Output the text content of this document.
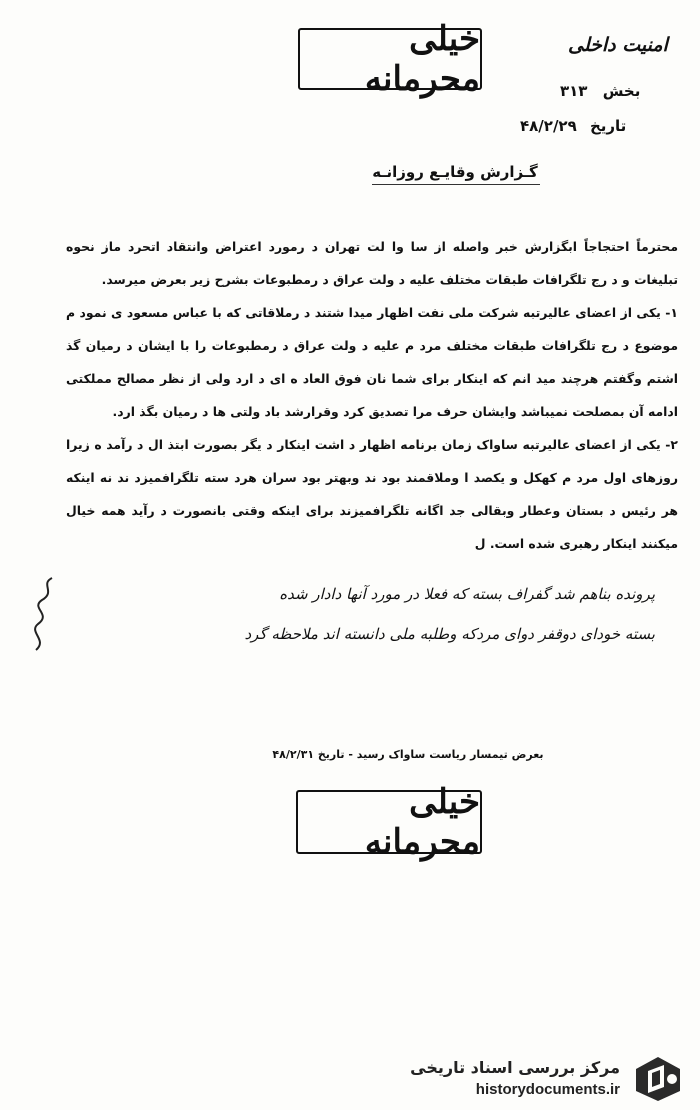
خیلی محرمانه
امنیت داخلی
بخش ۳۱۳
تاریخ ۴۸/۲/۲۹
گـزارش وقایـع روزانـه

محترماً احتجاجاً ابگزارش خبر واصله از سا وا لت تهران د رمورد اعتراض وانتقاد اتحرد ماز نحوه تبلیغات و د رج تلگرافات طبقات مختلف علیه د ولت عراق د رمطبوعات بشرح زیر بعرض میرسد.

۱- یکی از اعضای عالیرتبه شرکت ملی نفت اظهار میدا شتند د رملاقاتی که با عباس مسعود ی نمود م موضوع د رج تلگرافات طبقات مختلف مرد م علیه د ولت عراق د رمطبوعات را با ایشان د رمیان گذ اشتم وگفتم هرچند مید انم که اینکار برای شما نان فوق العاد ه ای د ارد ولی از نظر مصالح مملکتی ادامه آن بمصلحت نمیباشد وایشان حرف مرا تصدیق کرد وقرارشد باد ولتی ها د رمیان بگذ ارد.

۲- یکی از اعضای عالیرتبه ساواک زمان برنامه اظهار د اشت اینکار د یگر بصورت ابتذ ال د رآمد ه زیرا روزهای اول مرد م کهکل و یکصد ا وملاقمند بود ند وبهتر بود سران هرد سته تلگرافمیزد ند نه اینکه هر رئیس د بستان وعطار وبقالی جد اگانه تلگرافمیزند برای اینکه وقتی بانصورت د رآید همه خیال میکنند اینکار رهبری شده است. ل

پرونده بناهم شد گفراف بسته که فعلا در مورد آنها دادار شده
بسته خودای دوقفر دوای مردکه وطلبه ملی دانسته اند ملاحظه گرد
بعرض تیمسار ریاست ساواک رسید - تاریخ ۴۸/۲/۳۱
خیلی محرمانه
مرکز بررسی اسناد تاریخی
historydocuments.ir
